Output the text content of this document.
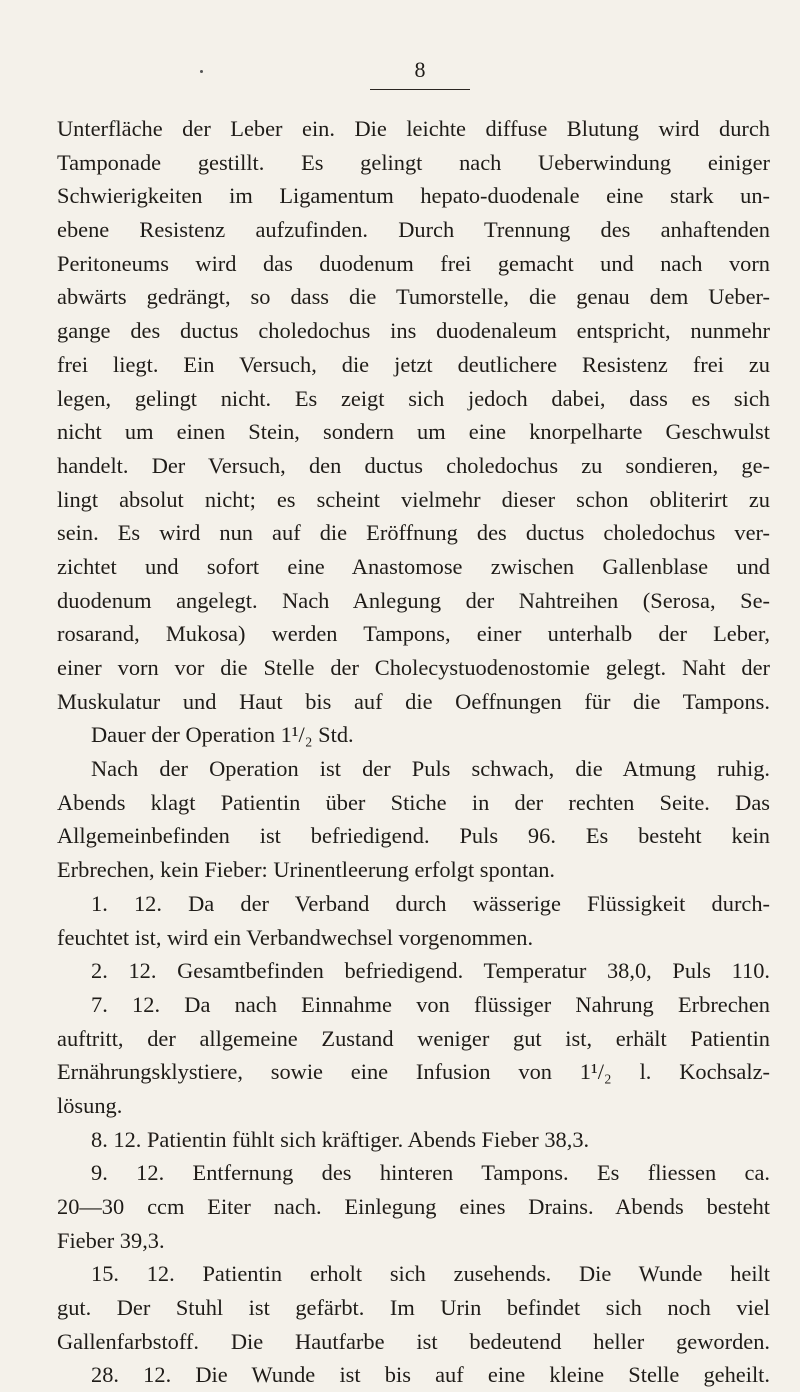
8
Unterfläche der Leber ein. Die leichte diffuse Blutung wird durch
Tamponade gestillt. Es gelingt nach Ueberwindung einiger
Schwierigkeiten im Ligamentum hepato-duodenale eine stark un-
ebene Resistenz aufzufinden. Durch Trennung des anhaftenden
Peritoneums wird das duodenum frei gemacht und nach vorn
abwärts gedrängt, so dass die Tumorstelle, die genau dem Ueber-
gange des ductus choledochus ins duodenaleum entspricht, nunmehr
frei liegt. Ein Versuch, die jetzt deutlichere Resistenz frei zu
legen, gelingt nicht. Es zeigt sich jedoch dabei, dass es sich
nicht um einen Stein, sondern um eine knorpelharte Geschwulst
handelt. Der Versuch, den ductus choledochus zu sondieren, ge-
lingt absolut nicht; es scheint vielmehr dieser schon obliterirt zu
sein. Es wird nun auf die Eröffnung des ductus choledochus ver-
zichtet und sofort eine Anastomose zwischen Gallenblase und
duodenum angelegt. Nach Anlegung der Nahtreihen (Serosa, Se-
rosarand, Mukosa) werden Tampons, einer unterhalb der Leber,
einer vorn vor die Stelle der Cholecystuodenostomie gelegt. Naht der
Muskulatur und Haut bis auf die Oeffnungen für die Tampons.
Dauer der Operation 1¹/₂ Std.
Nach der Operation ist der Puls schwach, die Atmung ruhig.
Abends klagt Patientin über Stiche in der rechten Seite. Das
Allgemeinbefinden ist befriedigend. Puls 96. Es besteht kein
Erbrechen, kein Fieber: Urinentleerung erfolgt spontan.
1. 12. Da der Verband durch wässerige Flüssigkeit durch-
feuchtet ist, wird ein Verbandwechsel vorgenommen.
2. 12. Gesamtbefinden befriedigend. Temperatur 38,0, Puls 110.
7. 12. Da nach Einnahme von flüssiger Nahrung Erbrechen
auftritt, der allgemeine Zustand weniger gut ist, erhält Patientin
Ernährungsklystiere, sowie eine Infusion von 1¹/₂ l. Kochsalz-
lösung.
8. 12. Patientin fühlt sich kräftiger. Abends Fieber 38,3.
9. 12. Entfernung des hinteren Tampons. Es fliessen ca.
20—30 ccm Eiter nach. Einlegung eines Drains. Abends besteht
Fieber 39,3.
15. 12. Patientin erholt sich zusehends. Die Wunde heilt
gut. Der Stuhl ist gefärbt. Im Urin befindet sich noch viel
Gallenfarbstoff. Die Hautfarbe ist bedeutend heller geworden.
28. 12. Die Wunde ist bis auf eine kleine Stelle geheilt.
